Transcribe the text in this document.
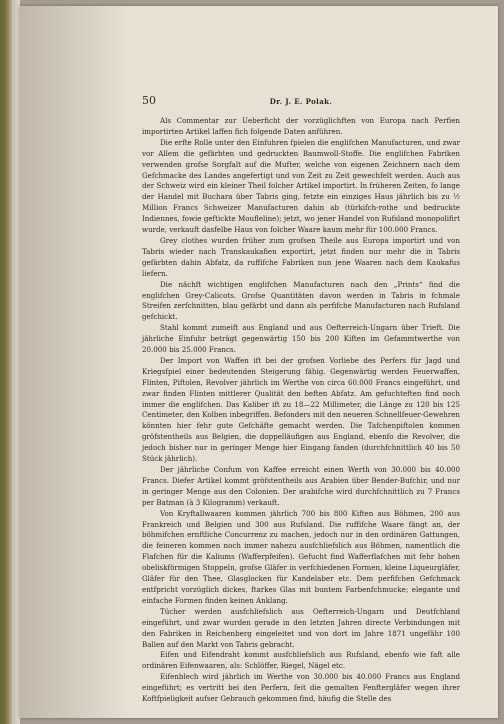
50	Dr. J. E. Polak.

Als Commentar zur Ueberficht der vorzüglichften von Europa nach Perfien importirten Artikel laffen fich folgende Daten anführen.

Die erfte Rolle unter den Einfuhren fpielen die englifchen Manufacturen, und zwar vor Allem die gefärbten und gedruckten Baumwoll-Stoffe. Die englifchen Fabriken verwenden grofse Sorgfalt auf die Mufter, welche von eigenen Zeichnern nach dem Gefchmacke des Landes angefertigt und von Zeit zu Zeit gewechfelt werden. Auch aus der Schweiz wird ein kleiner Theil folcher Artikel importirt. In früheren Zeiten, fo lange der Handel mit Buchara über Tabris ging, fetzte ein einziges Haus jährlich bis zu ½ Million Francs Schweizer Manufacturen dahin ab (türkifch-rothe und bedruckte Indiennes, fowie geftickte Moufleline); jetzt, wo jener Handel von Rufsland monopolifirt wurde, verkauft dasfelbe Haus von folcher Waare kaum mehr für 100.000 Francs.

Grey clothes wurden früher zum grofsen Theile aus Europa importirt und von Tabris wieder nach Transkaukafien exportirt, jetzt finden nur mehr die in Tabris gefärbten dahin Abfatz, da ruffifche Fabriken nun jene Waaren nach dem Kaukafus liefern.

Die nächft wichtigen englifchen Manufacturen nach den „Prints“ find die englifchen Grey-Calicots. Grofse Quantitäten davon werden in Tabris in fchmale Streifen zerfchnitten, blau gefärbt und dann als perfifche Manufacturen nach Rufsland gefchickt.

Stahl kommt zumeift aus England und aus Oefterreich-Ungarn über Trieft. Die jährliche Einfuhr beträgt gegenwärtig 150 bis 200 Kiften im Gefammtwerthe von 20.000 bis 25.000 Francs.

Der Import von Waffen ift bei der grofsen Vorliebe des Perfers für Jagd und Kriegsfpiel einer bedeutenden Steigerung fähig. Gegenwärtig werden Feuerwaffen, Flinten, Piftolen, Revolver jährlich im Werthe von circa 60.000 Francs eingeführt, und zwar finden Flinten mittlerer Qualität den beften Abfatz. Am gefuchteften find noch immer die englifchen. Das Kaliber ift zu 18—22 Millimeter, die Länge zu 120 bis 125 Centimeter, den Kolben inbegriffen. Befonders mit den neueren Schnellfeuer-Gewehren könnten hier fehr gute Gefchäfte gemacht werden. Die Tafchenpiftolen kommen gröfstentheils aus Belgien, die doppelläufigen aus England, ebenfo die Revolver, die jedoch bisher nur in geringer Menge hier Eingang fanden (durchfchnittlich 40 bis 50 Stück jährlich).

Der jährliche Confum von Kaffee erreicht einen Werth von 30.000 bis 40.000 Francs. Diefer Artikel kommt gröfstentheils aus Arabien über Bender-Bufchir, und nur in geringer Menge aus den Colonien. Der arabifche wird durchfchnittlich zu 7 Francs per Batman (à 3 Kilogramm) verkauft.

Von Kryftallwaaren kommen jährlich 700 bis 800 Kiften aus Böhmen, 200 aus Frankreich und Belgien und 300 aus Rufsland. Die ruffifche Waare fängt an, der böhmifchen ernftliche Concurrenz zu machen, jedoch nur in den ordinären Gattungen, die feineren kommen noch immer nahezu ausfchliefslich aus Böhmen, namentlich die Flafchen für die Kaliums (Wafferpfeifen). Gefucht find Wafferflafchen mit fehr hohen obeliskförmigen Stoppeln, grofse Gläfer in verfchiedenen Formen, kleine Liqueurgläfer, Gläfer für den Thee, Glasglocken für Kandelaber etc. Dem perfifchen Gefchmack entfpricht vorzüglich dickes, ftarkes Glas mit buntem Farbenfchmucke; elegante und einfache Formen finden keinen Anklang.

Tücher werden ausfchliefslich aus Oefterreich-Ungarn und Deutfchland eingeführt, und zwar wurden gerade in den letzten Jahren directe Verbindungen mit den Fabriken in Reichenberg eingeleitet und von dort im Jahre 1871 ungefähr 100 Ballen auf den Markt von Tabris gebracht.

Eifen und Eifendraht kommt ausfchliefslich aus Rufsland, ebenfo wie faft alle ordinären Eifenwaaren, als: Schlöffer, Riegel, Nägel etc.

Eifenblech wird jährlich im Werthe von 30.000 bis 40.000 Francs aus England eingeführt; es vertritt bei den Perfern, feit die gemalten Fenftergläfer wegen ihrer Koftfpieligkeit aufser Gebrauch gekommen find, häufig die Stelle des
